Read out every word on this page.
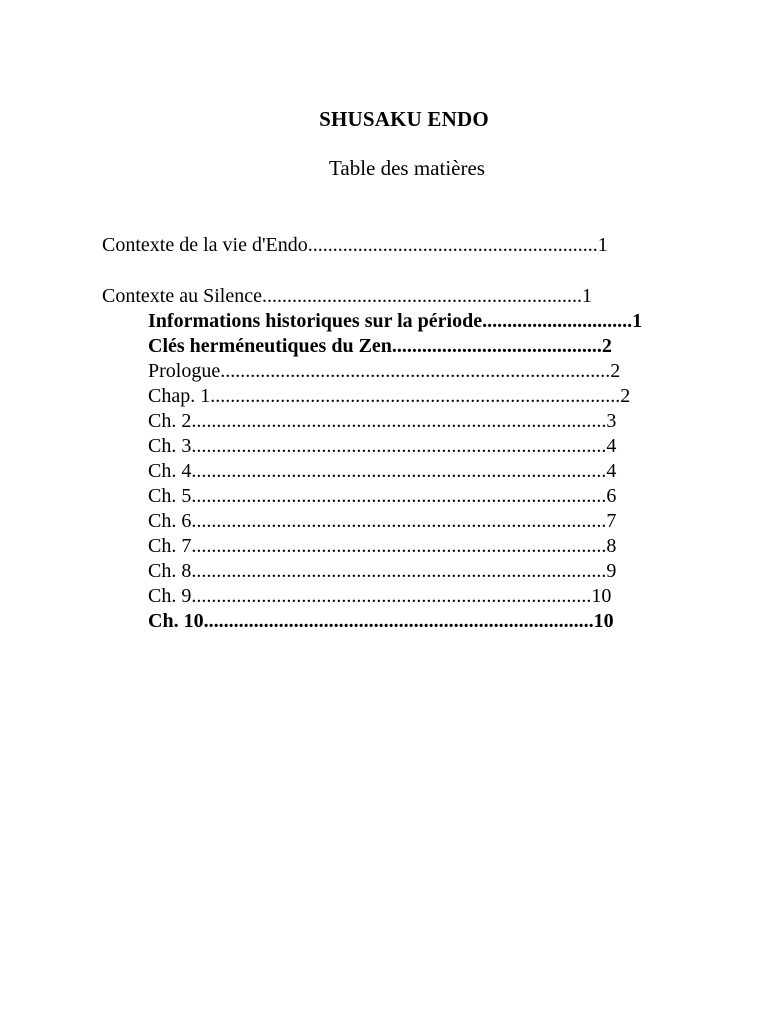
SHUSAKU ENDO
Table des matières
Contexte de la vie d'Endo..........................................................1
Contexte au Silence................................................................1
Informations historiques sur la période..............................1
Clés herméneutiques du Zen..........................................2
Prologue..............................................................................2
Chap. 1..................................................................................2
Ch. 2...................................................................................3
Ch. 3...................................................................................4
Ch. 4...................................................................................4
Ch. 5...................................................................................6
Ch. 6...................................................................................7
Ch. 7...................................................................................8
Ch. 8...................................................................................9
Ch. 9................................................................................10
Ch. 10..............................................................................10
